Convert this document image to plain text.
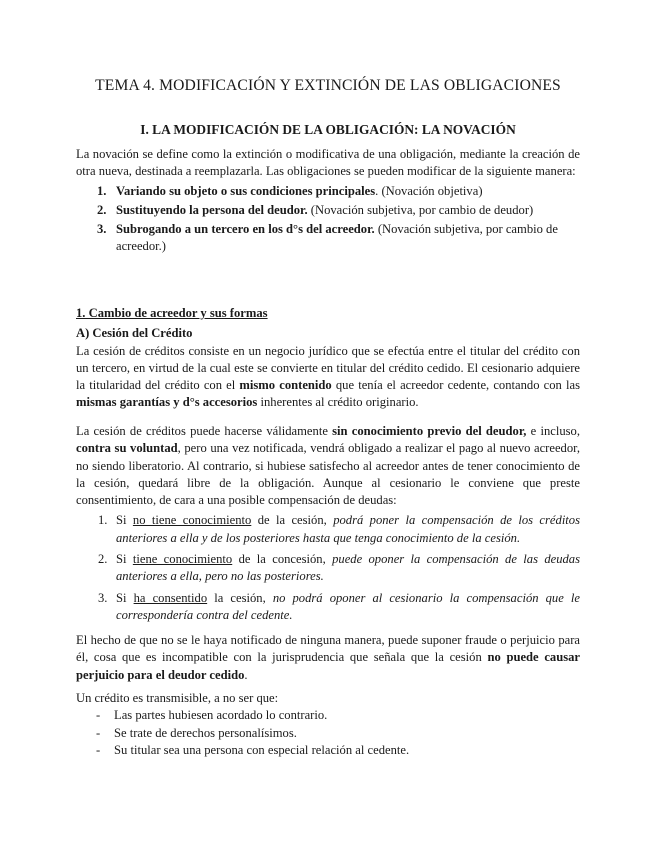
TEMA 4. MODIFICACIÓN Y EXTINCIÓN DE LAS OBLIGACIONES
I. LA MODIFICACIÓN DE LA OBLIGACIÓN: LA NOVACIÓN

La novación se define como la extinción o modificativa de una obligación, mediante la creación de otra nueva, destinada a reemplazarla. Las obligaciones se pueden modificar de la siguiente manera:

1. Variando su objeto o sus condiciones principales. (Novación objetiva)
2. Sustituyendo la persona del deudor. (Novación subjetiva, por cambio de deudor)
3. Subrogando a un tercero en los d°s del acreedor. (Novación subjetiva, por cambio de acreedor.)

1. Cambio de acreedor y sus formas

A) Cesión del Crédito

La cesión de créditos consiste en un negocio jurídico que se efectúa entre el titular del crédito con un tercero, en virtud de la cual este se convierte en titular del crédito cedido. El cesionario adquiere la titularidad del crédito con el mismo contenido que tenía el acreedor cedente, contando con las mismas garantías y d°s accesorios inherentes al crédito originario.

La cesión de créditos puede hacerse válidamente sin conocimiento previo del deudor, e incluso, contra su voluntad, pero una vez notificada, vendrá obligado a realizar el pago al nuevo acreedor, no siendo liberatorio. Al contrario, si hubiese satisfecho al acreedor antes de tener conocimiento de la cesión, quedará libre de la obligación. Aunque al cesionario le conviene que preste consentimiento, de cara a una posible compensación de deudas:

1. Si no tiene conocimiento de la cesión, podrá poner la compensación de los créditos anteriores a ella y de los posteriores hasta que tenga conocimiento de la cesión.
2. Si tiene conocimiento de la concesión, puede oponer la compensación de las deudas anteriores a ella, pero no las posteriores.
3. Si ha consentido la cesión, no podrá oponer al cesionario la compensación que le correspondería contra del cedente.

El hecho de que no se le haya notificado de ninguna manera, puede suponer fraude o perjuicio para él, cosa que es incompatible con la jurisprudencia que señala que la cesión no puede causar perjuicio para el deudor cedido.

Un crédito es transmisible, a no ser que:

- Las partes hubiesen acordado lo contrario.
- Se trate de derechos personalísimos.
- Su titular sea una persona con especial relación al cedente.
